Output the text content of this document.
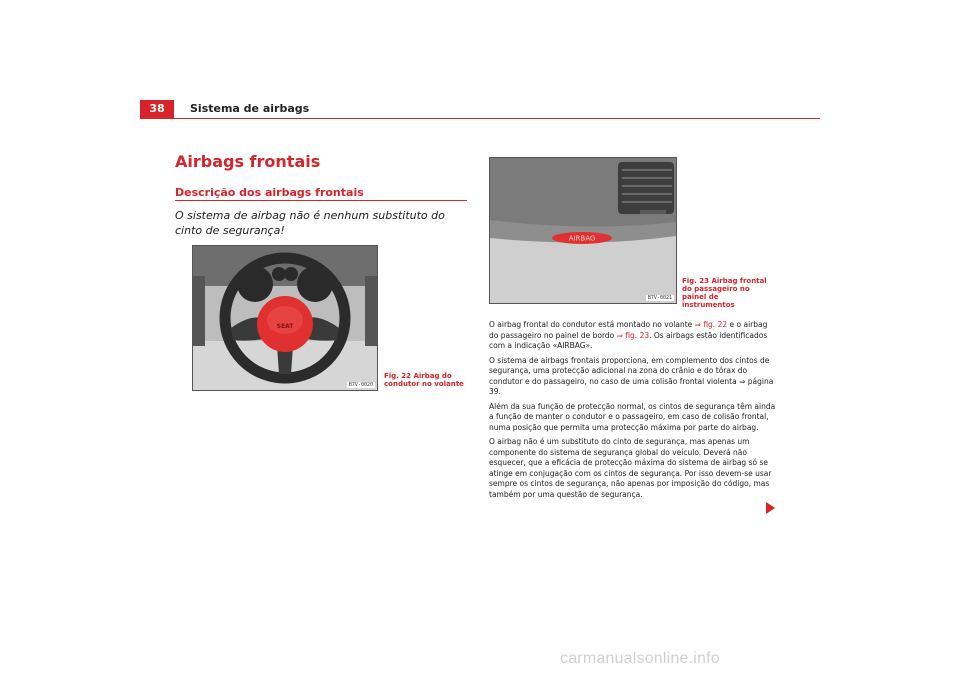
38	Sistema de airbags
Airbags frontais
Descrição dos airbags frontais
O sistema de airbag não é nenhum substituto do cinto de segurança!
SEAT
B7V-0020
Fig. 22 Airbag do condutor no volante
AIRBAG
B7V-0021
Fig. 23 Airbag frontal do passageiro no painel de instrumentos

O airbag frontal do condutor está montado no volante ⇒ fig. 22 e o airbag do passageiro no painel de bordo ⇒ fig. 23. Os airbags estão identificados com a indicação «AIRBAG».

O sistema de airbags frontais proporciona, em complemento dos cintos de segurança, uma protecção adicional na zona do crânio e do tórax do condutor e do passageiro, no caso de uma colisão frontal violenta ⇒ página 39.

Além da sua função de protecção normal, os cintos de segurança têm ainda a função de manter o condutor e o passageiro, em caso de colisão frontal, numa posição que permita uma protecção máxima por parte do airbag.

O airbag não é um substituto do cinto de segurança, mas apenas um componente do sistema de segurança global do veículo. Deverá não esquecer, que a eficácia de protecção máxima do sistema de airbag só se atinge em conjugação com os cintos de segurança. Por isso devem-se usar sempre os cintos de segurança, não apenas por imposição do código, mas também por uma questão de segurança.

carmanualsonline.info
